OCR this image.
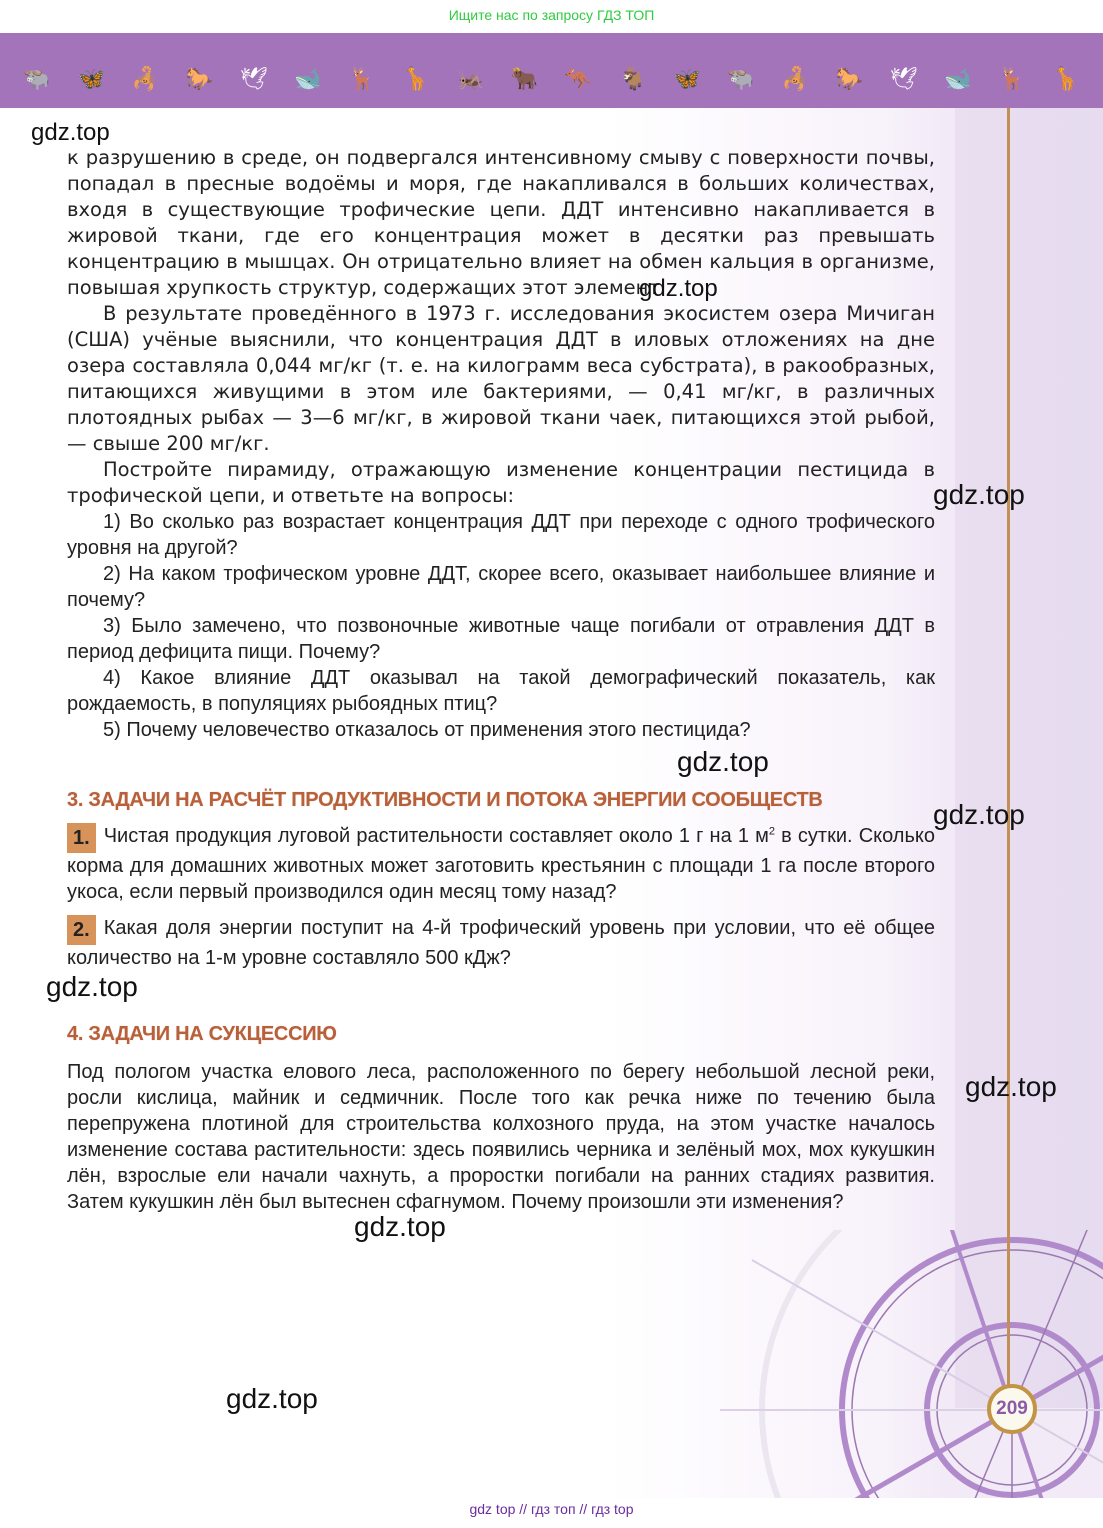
Ищите нас по запросу ГДЗ ТОП
🐃 🦋 🦂 🐎 🕊 🐋 🦌 🦒 🦗 🐂 🦘 🐐 🦋 🐃 🦂 🐎 🕊 🐋 🦌 🦒
209

к разрушению в среде, он подвергался интенсивному смыву с поверхности почвы, попадал в пресные водоёмы и моря, где накапливался в больших количествах, входя в существующие трофические цепи. ДДТ интенсивно накапливается в жировой ткани, где его концентрация может в десятки раз превышать концентрацию в мышцах. Он отрицательно влияет на обмен кальция в организме, повышая хрупкость структур, содержащих этот элемент.

В результате проведённого в 1973 г. исследования экосистем озера Мичиган (США) учёные выяснили, что концентрация ДДТ в иловых отложениях на дне озера составляла 0,044 мг/кг (т. е. на килограмм веса субстрата), в ракообразных, питающихся живущими в этом иле бактериями, — 0,41 мг/кг, в различных плотоядных рыбах — 3—6 мг/кг, в жировой ткани чаек, питающихся этой рыбой, — свыше 200 мг/кг.

Постройте пирамиду, отражающую изменение концентрации пестицида в трофической цепи, и ответьте на вопросы:

1) Во сколько раз возрастает концентрация ДДТ при переходе с одного трофического уровня на другой?

2) На каком трофическом уровне ДДТ, скорее всего, оказывает наибольшее влияние и почему?

3) Было замечено, что позвоночные животные чаще погибали от отравления ДДТ в период дефицита пищи. Почему?

4) Какое влияние ДДТ оказывал на такой демографический показатель, как рождаемость, в популяциях рыбоядных птиц?

5) Почему человечество отказалось от применения этого пестицида?

3. ЗАДАЧИ НА РАСЧЁТ ПРОДУКТИВНОСТИ И ПОТОКА ЭНЕРГИИ СООБЩЕСТВ

1. Чистая продукция луговой растительности составляет около 1 г на 1 $м^2$ в сутки. Сколько корма для домашних животных может заготовить крестьянин с площади 1 га после второго укоса, если первый производился один месяц тому назад?

2. Какая доля энергии поступит на 4-й трофический уровень при условии, что её общее количество на 1-м уровне составляло 500 кДж?

4. ЗАДАЧИ НА СУКЦЕССИЮ

Под пологом участка елового леса, расположенного по берегу небольшой лесной реки, росли кислица, майник и седмичник. После того как речка ниже по течению была перепружена плотиной для строительства колхозного пруда, на этом участке началось изменение состава растительности: здесь появились черника и зелёный мох, мох кукушкин лён, взрослые ели начали чахнуть, а проростки погибали на ранних стадиях развития. Затем кукушкин лён был вытеснен сфагнумом. Почему произошли эти изменения?

gdz.top
gdz.top
gdz.top
gdz.top
gdz.top
gdz.top
gdz.top
gdz.top
gdz.top
gdz top // гдз топ // гдз top
